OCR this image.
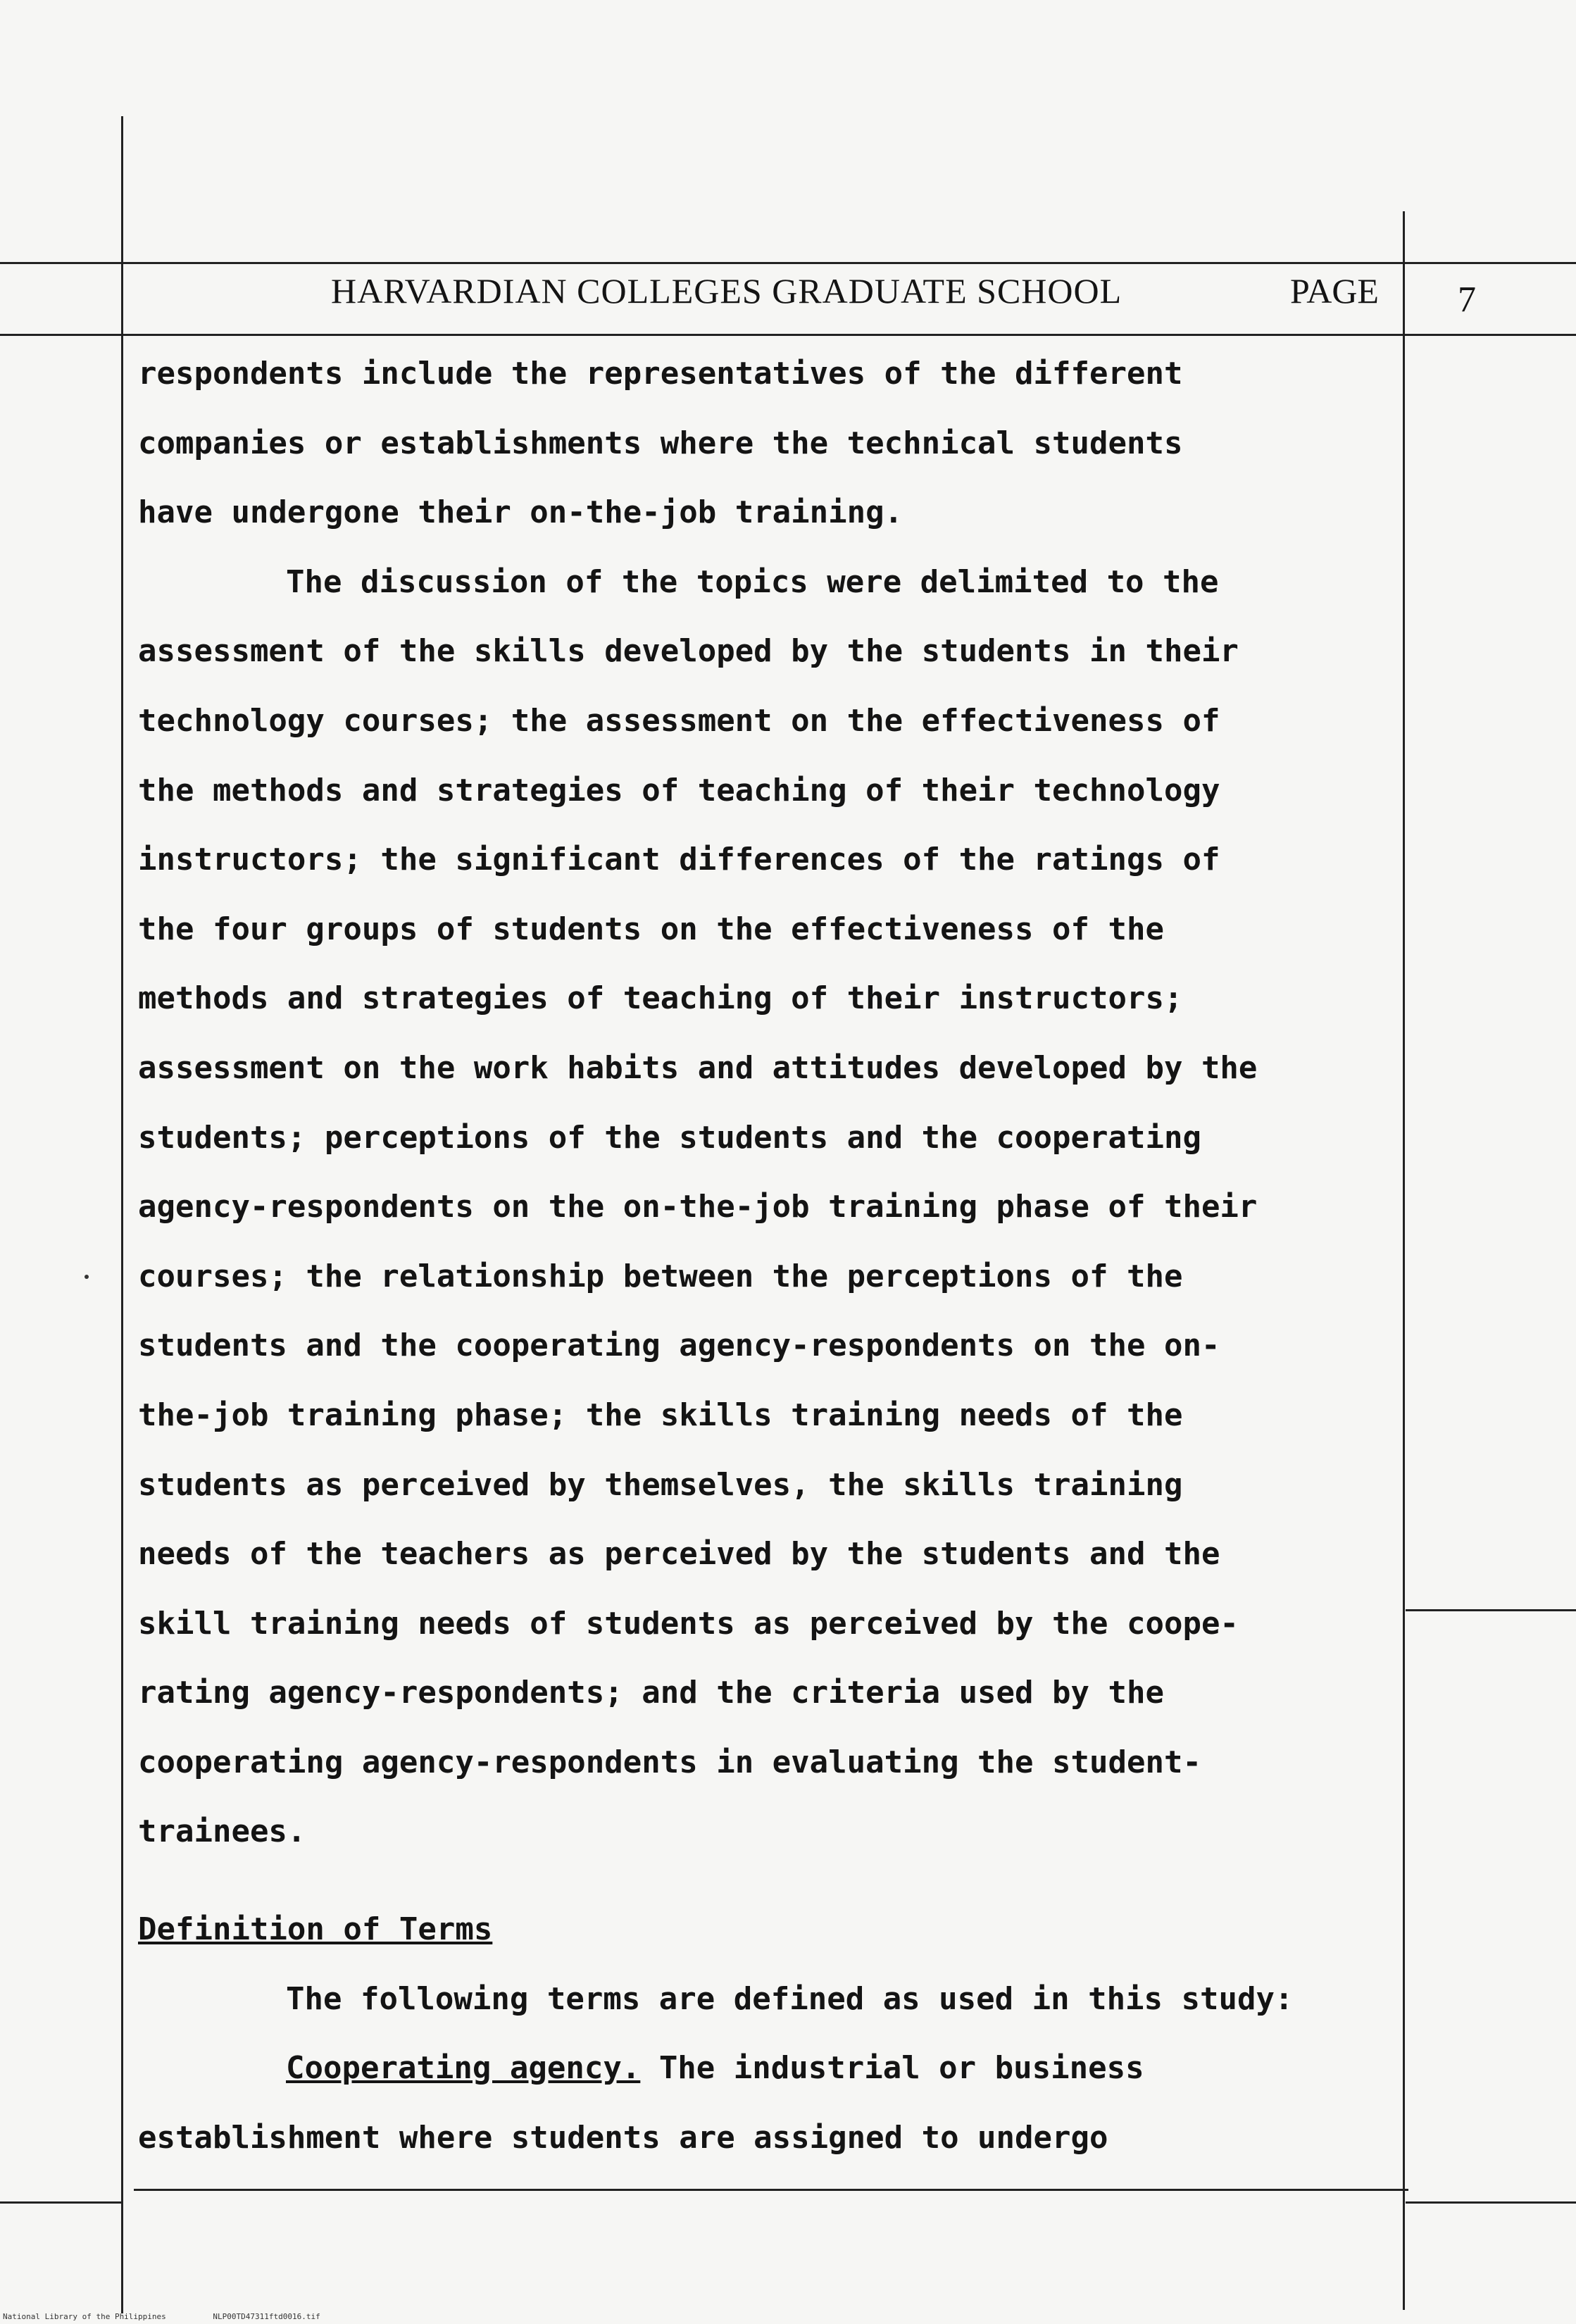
HARVARDIAN COLLEGES GRADUATE SCHOOL	PAGE 7
respondents include the representatives of the different
companies or establishments where the technical students
have undergone their on-the-job training.
The discussion of the topics were delimited to the
assessment of the skills developed by the students in their
technology courses; the assessment on the effectiveness of
the methods and strategies of teaching of their technology
instructors; the significant differences of the ratings of
the four groups of students on the effectiveness of the
methods and strategies of teaching of their instructors;
assessment on the work habits and attitudes developed by the
students; perceptions of the students and the cooperating
agency-respondents on the on-the-job training phase of their
courses; the relationship between the perceptions of the
students and the cooperating agency-respondents on the on-
the-job training phase; the skills training needs of the
students as perceived by themselves, the skills training
needs of the teachers as perceived by the students and the
skill training needs of students as perceived by the coope-
rating agency-respondents; and the criteria used by the
cooperating agency-respondents in evaluating the student-
trainees.
Definition of Terms
The following terms are defined as used in this study:
Cooperating agency. The industrial or business
establishment where students are assigned to undergo
National Library of the Philippines	NLP00TD47311ftd0016.tif
